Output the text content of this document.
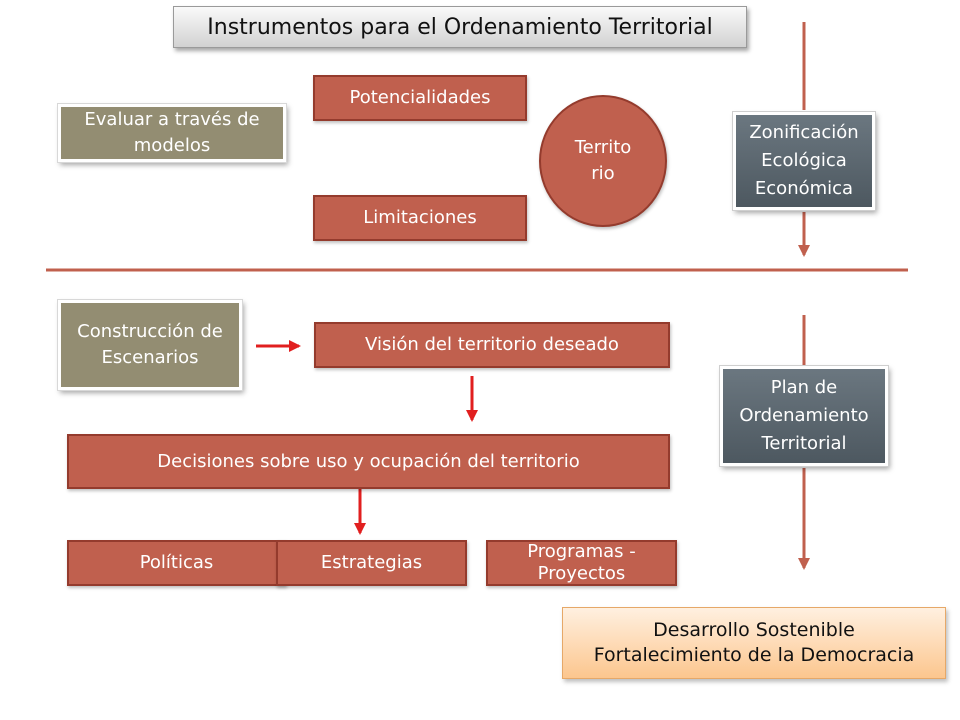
Instrumentos para el Ordenamiento Territorial
Evaluar a través de modelos
Potencialidades
Limitaciones
Territo rio
Zonificación Ecológica Económica
Construcción de Escenarios
Visión del territorio deseado
Decisiones sobre uso y ocupación del territorio
Políticas	Estrategias
Programas - Proyectos
Plan de Ordenamiento Territorial
Desarrollo Sostenible
Fortalecimiento de la Democracia
